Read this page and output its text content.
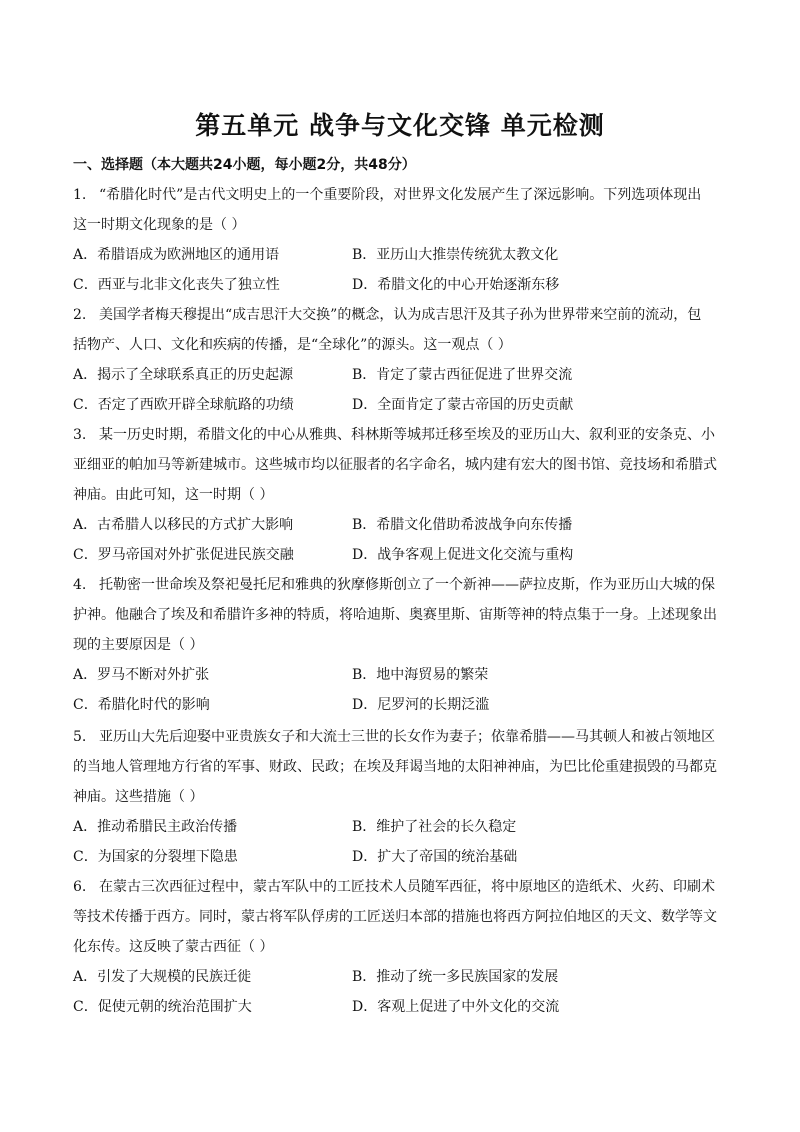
第五单元 战争与文化交锋 单元检测
一、选择题（本大题共24小题，每小题2分，共48分）
1. “希腊化时代”是古代文明史上的一个重要阶段，对世界文化发展产生了深远影响。下列选项体现出
这一时期文化现象的是（ ）
A．希腊语成为欧洲地区的通用语	B．亚历山大推崇传统犹太教文化
C．西亚与北非文化丧失了独立性	D．希腊文化的中心开始逐渐东移
2. 美国学者梅天穆提出“成吉思汗大交换”的概念，认为成吉思汗及其子孙为世界带来空前的流动，包
括物产、人口、文化和疾病的传播，是“全球化”的源头。这一观点（ ）
A．揭示了全球联系真正的历史起源	B．肯定了蒙古西征促进了世界交流
C．否定了西欧开辟全球航路的功绩	D．全面肯定了蒙古帝国的历史贡献
3. 某一历史时期，希腊文化的中心从雅典、科林斯等城邦迁移至埃及的亚历山大、叙利亚的安条克、小
亚细亚的帕加马等新建城市。这些城市均以征服者的名字命名，城内建有宏大的图书馆、竞技场和希腊式
神庙。由此可知，这一时期（ ）
A．古希腊人以移民的方式扩大影响	B．希腊文化借助希波战争向东传播
C．罗马帝国对外扩张促进民族交融	D．战争客观上促进文化交流与重构
4. 托勒密一世命埃及祭祀曼托尼和雅典的狄摩修斯创立了一个新神——萨拉皮斯，作为亚历山大城的保
护神。他融合了埃及和希腊许多神的特质，将哈迪斯、奥赛里斯、宙斯等神的特点集于一身。上述现象出
现的主要原因是（ ）
A．罗马不断对外扩张	B．地中海贸易的繁荣
C．希腊化时代的影响	D．尼罗河的长期泛滥
5. 亚历山大先后迎娶中亚贵族女子和大流士三世的长女作为妻子；依靠希腊——马其顿人和被占领地区
的当地人管理地方行省的军事、财政、民政；在埃及拜谒当地的太阳神神庙，为巴比伦重建损毁的马都克
神庙。这些措施（ ）
A．推动希腊民主政治传播	B．维护了社会的长久稳定
C．为国家的分裂埋下隐患	D．扩大了帝国的统治基础
6. 在蒙古三次西征过程中，蒙古军队中的工匠技术人员随军西征，将中原地区的造纸术、火药、印刷术
等技术传播于西方。同时，蒙古将军队俘虏的工匠送归本部的措施也将西方阿拉伯地区的天文、数学等文
化东传。这反映了蒙古西征（ ）
A．引发了大规模的民族迁徙	B．推动了统一多民族国家的发展
C．促使元朝的统治范围扩大	D．客观上促进了中外文化的交流
